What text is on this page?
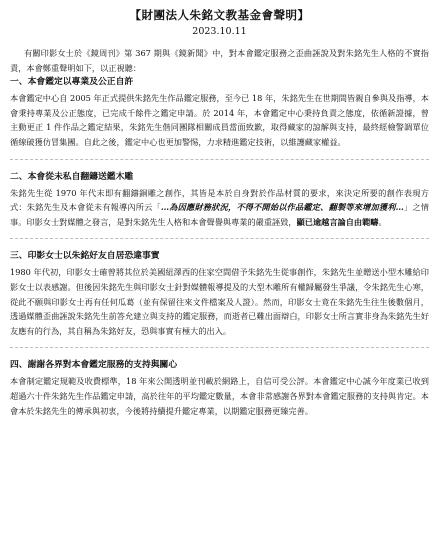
【財團法人朱銘文教基金會聲明】
2023.10.11

有關印影女士於《鏡周刊》第 367 期與《鏡新聞》中，對本會鑑定服務之歪曲誣說及對朱銘先生人格的不實指責，本會鄭重聲明如下，以正視聽：

一、本會鑑定以專業及公正自許

本會鑑定中心自 2005 年正式提供朱銘先生作品鑑定服務，至今已 18 年，朱銘先生在世期間皆親自參與及指導，本會秉持專業及公正態度，已完成千餘件之鑑定申請。於 2014 年，本會鑑定中心秉持負責之態度，依循新證據，曾主動更正 1 件作品之鑑定結果，朱銘先生偕同團隊相關成員當面致歉，取得藏家的諒解與支持，最終經檢警調單位循線破獲仿冒集團。自此之後，鑑定中心也更加警惕，力求精進鑑定技術，以維護藏家權益。

二、本會從未私自翻鑄送鑑木雕

朱銘先生從 1970 年代末即有翻鑄銅雕之創作，其皆是本於自身對於作品材質的要求，來決定所要的創作表現方式：朱銘先生及本會從未有報導內所云「…為因應財務狀況，不得不開始以作品鑑定、翻製等來增加獲利…」之情事。印影女士對媒體之發言，是對朱銘先生人格和本會聲譽與專業的嚴重誣毀，顯已逾越言論自由範疇。

三、印影女士以朱銘好友自居恐違事實

1980 年代初，印影女士確曾將其位於美國紐澤西的住家空間借予朱銘先生從事創作，朱銘先生並贈送小型木雕給印影女士以表感謝。但後因朱銘先生與印影女士針對媒體報導提及的大型木雕所有權歸屬發生爭議，令朱銘先生心寒，從此不願與印影女士再有任何瓜葛（並有保留往來文件檔案及人證）。然而，印影女士竟在朱銘先生往生後數個月，透過媒體歪曲誣說朱銘先生前答允建立與支持的鑑定服務，而逝者已難出面辯白，印影女士所言實非身為朱銘先生好友應有的行為，其自稱為朱銘好友，恐與事實有極大的出入。

四、謝謝各界對本會鑑定服務的支持與關心

本會制定鑑定規範及收費標準，18 年來公開透明並刊載於網路上，自信可受公評。本會鑑定中心誠今年度業已收到超過六十件朱銘先生作品鑑定申請，高於往年的平均鑑定數量，本會非常感謝各界對本會鑑定服務的支持與肯定。本會本於朱銘先生的傳承與初衷，今後將持續提升鑑定專業，以期鑑定服務更臻完善。
